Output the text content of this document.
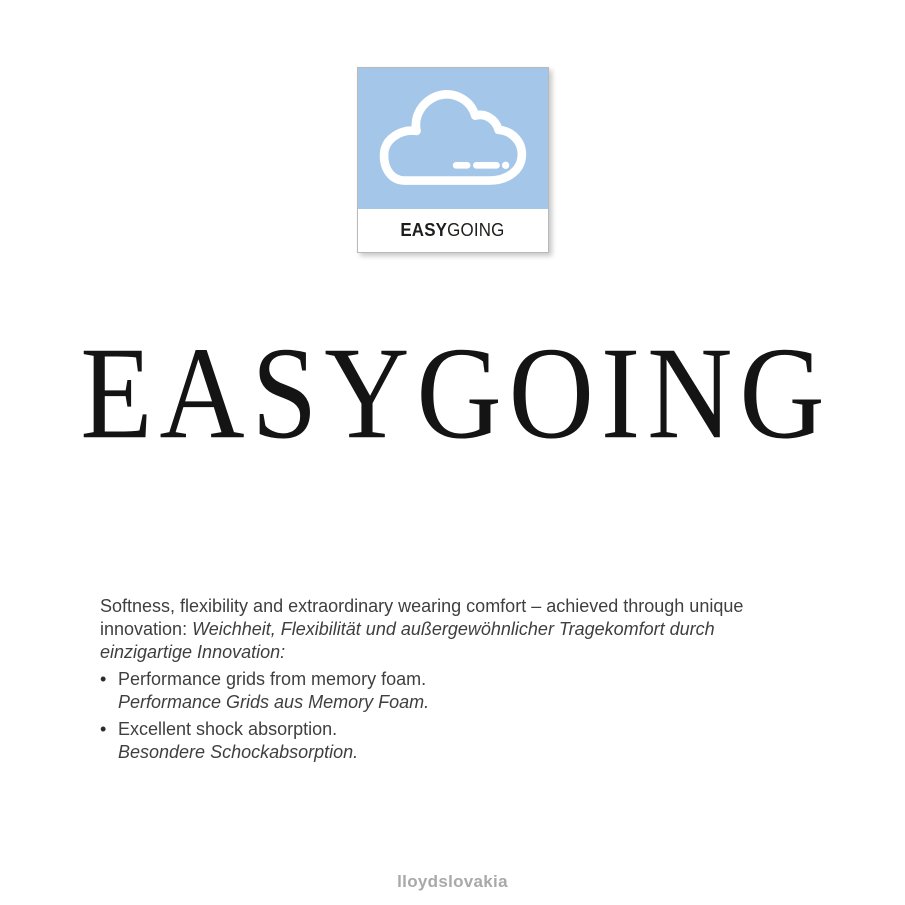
EASYGOING
EASYGOING

Softness, flexibility and extraordinary wearing comfort – achieved through unique innovation: Weichheit, Flexibilität und außergewöhnlicher Tragekomfort durch einzigartige Innovation:

• Performance grids from memory foam.
Performance Grids aus Memory Foam.
• Excellent shock absorption.
Besondere Schockabsorption.
lloydslovakia
